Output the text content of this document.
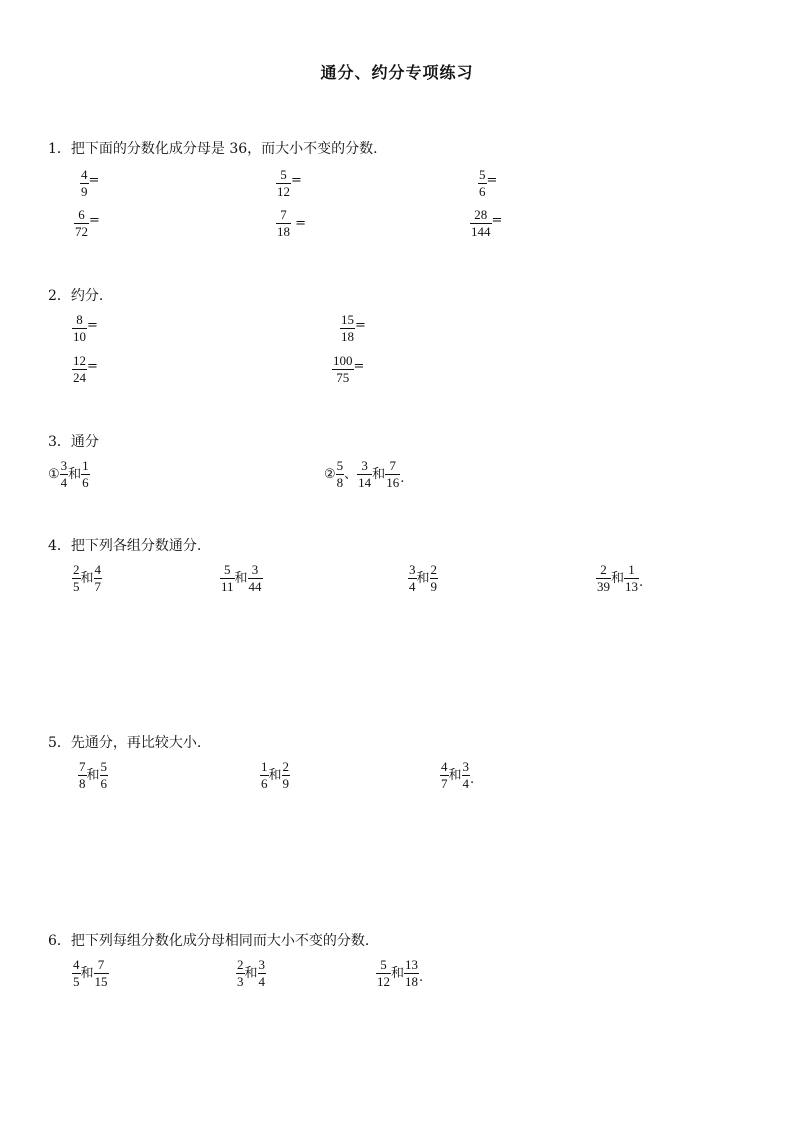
通分、约分专项练习
1．把下面的分数化成分母是 36，而大小不变的分数.
$\frac{4}{9}$ =	$\frac{5}{12}$ =	$\frac{5}{6}$ =
$\frac{6}{72}$ =	$\frac{7}{18}$ =	$\frac{28}{144}$ =
2．约分.
$\frac{8}{10}$ =	$\frac{15}{18}$ =
$\frac{12}{24}$ =	$\frac{100}{75}$ =
3．通分
① $\frac{3}{4}$ 和 $\frac{1}{6}$	② $\frac{5}{8}$ 、 $\frac{3}{14}$ 和 $\frac{7}{16}$ .
4．把下列各组分数通分.
$\frac{2}{5}$ 和 $\frac{4}{7}$	$\frac{5}{11}$ 和 $\frac{3}{44}$	$\frac{3}{4}$ 和 $\frac{2}{9}$	$\frac{2}{39}$ 和 $\frac{1}{13}$ .
5．先通分，再比较大小.
$\frac{7}{8}$ 和 $\frac{5}{6}$	$\frac{1}{6}$ 和 $\frac{2}{9}$	$\frac{4}{7}$ 和 $\frac{3}{4}$ .
6．把下列每组分数化成分母相同而大小不变的分数.
$\frac{4}{5}$ 和 $\frac{7}{15}$	$\frac{2}{3}$ 和 $\frac{3}{4}$	$\frac{5}{12}$ 和 $\frac{13}{18}$ .
